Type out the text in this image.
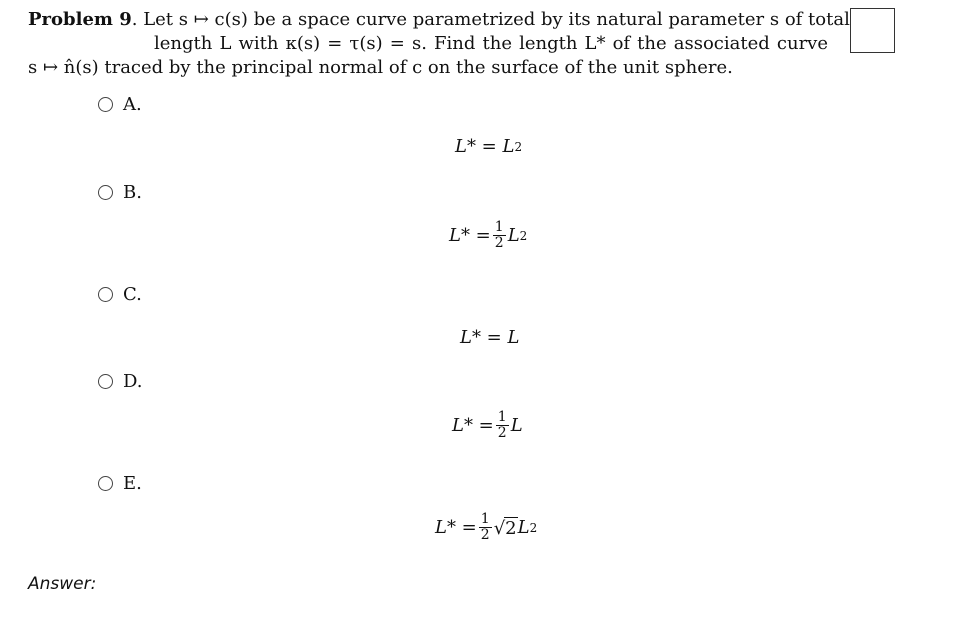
Problem 9. Let s ↦ c(s) be a space curve parametrized by its natural parameter s of total
length L with κ(s) = τ(s) = s. Find the length L* of the associated curve
s ↦ n̂(s) traced by the principal normal of c on the surface of the unit sphere.
A.
L* =
L 2
B.
$L* = \frac{1}{2}$ L 2
C.
L* =
L
D.
$L* = \frac{1}{2}$ L
E.
$L* = \frac{1}{2}$ √ 2 L 2
Answer:
